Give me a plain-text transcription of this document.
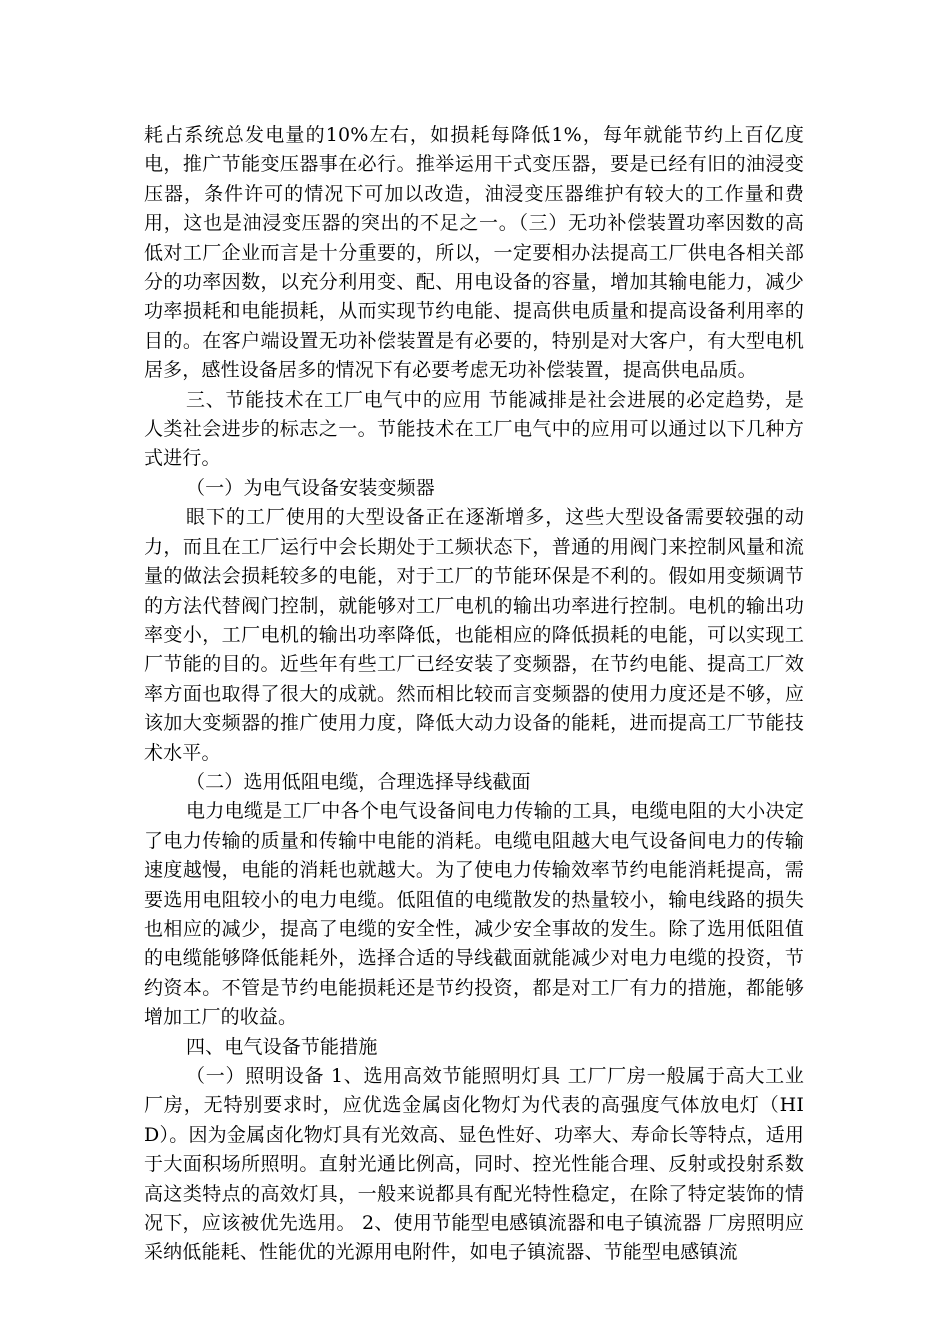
耗占系统总发电量的10%左右，如损耗每降低1%，每年就能节约上百亿度电，推广节能变压器事在必行。推举运用干式变压器，要是已经有旧的油浸变压器，条件许可的情况下可加以改造，油浸变压器维护有较大的工作量和费用，这也是油浸变压器的突出的不足之一。（三）无功补偿装置功率因数的高低对工厂企业而言是十分重要的，所以，一定要相办法提高工厂供电各相关部分的功率因数，以充分利用变、配、用电设备的容量，增加其输电能力，减少功率损耗和电能损耗，从而实现节约电能、提高供电质量和提高设备利用率的目的。在客户端设置无功补偿装置是有必要的，特别是对大客户，有大型电机居多，感性设备居多的情况下有必要考虑无功补偿装置，提高供电品质。

三、节能技术在工厂电气中的应用 节能减排是社会进展的必定趋势，是人类社会进步的标志之一。节能技术在工厂电气中的应用可以通过以下几种方式进行。

（一）为电气设备安装变频器

眼下的工厂使用的大型设备正在逐渐增多，这些大型设备需要较强的动力，而且在工厂运行中会长期处于工频状态下，普通的用阀门来控制风量和流量的做法会损耗较多的电能，对于工厂的节能环保是不利的。假如用变频调节的方法代替阀门控制，就能够对工厂电机的输出功率进行控制。电机的输出功率变小，工厂电机的输出功率降低，也能相应的降低损耗的电能，可以实现工厂节能的目的。近些年有些工厂已经安装了变频器，在节约电能、提高工厂效率方面也取得了很大的成就。然而相比较而言变频器的使用力度还是不够，应该加大变频器的推广使用力度，降低大动力设备的能耗，进而提高工厂节能技术水平。

（二）选用低阻电缆，合理选择导线截面

电力电缆是工厂中各个电气设备间电力传输的工具，电缆电阻的大小决定了电力传输的质量和传输中电能的消耗。电缆电阻越大电气设备间电力的传输速度越慢，电能的消耗也就越大。为了使电力传输效率节约电能消耗提高，需要选用电阻较小的电力电缆。低阻值的电缆散发的热量较小，输电线路的损失也相应的减少，提高了电缆的安全性，减少安全事故的发生。除了选用低阻值的电缆能够降低能耗外，选择合适的导线截面就能减少对电力电缆的投资，节约资本。不管是节约电能损耗还是节约投资，都是对工厂有力的措施，都能够增加工厂的收益。

四、电气设备节能措施

（一）照明设备 1、选用高效节能照明灯具 工厂厂房一般属于高大工业厂房，无特别要求时，应优选金属卤化物灯为代表的高强度气体放电灯（HID）。因为金属卤化物灯具有光效高、显色性好、功率大、寿命长等特点，适用于大面积场所照明。直射光通比例高，同时、控光性能合理、反射或投射系数高这类特点的高效灯具，一般来说都具有配光特性稳定，在除了特定装饰的情况下，应该被优先选用。 2、使用节能型电感镇流器和电子镇流器 厂房照明应采纳低能耗、性能优的光源用电附件，如电子镇流器、节能型电感镇流
